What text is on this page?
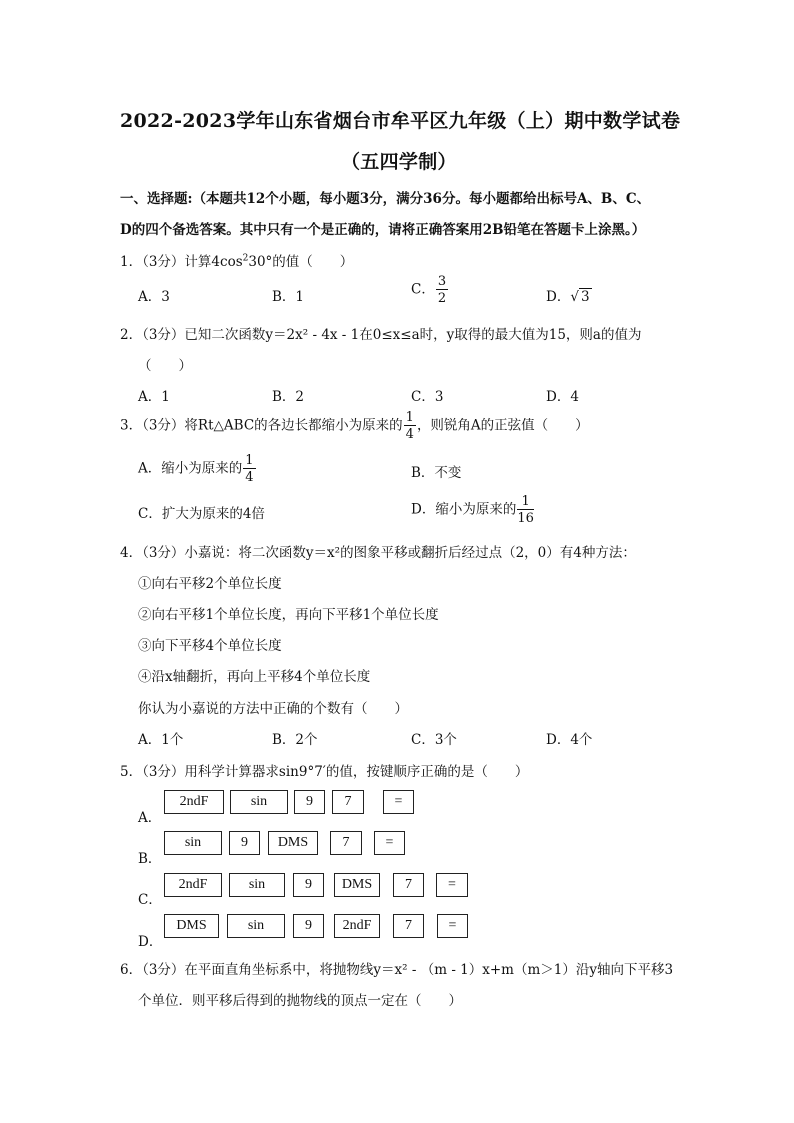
2022-2023学年山东省烟台市牟平区九年级（上）期中数学试卷
（五四学制）
一、选择题:（本题共12个小题，每小题3分，满分36分。每小题都给出标号A、B、C、
D的四个备选答案。其中只有一个是正确的，请将正确答案用2B铅笔在答题卡上涂黑。）
1．（3分）计算$4\cos^230^\circ$的值（　　）
A．3	B．1	C． $\frac{3}{2}$	D．√ 3
2．（3分）已知二次函数y＝2x² - 4x - 1在0≤x≤a时，y取得的最大值为15，则a的值为
（　　）
A．1	B．2	C．3	D．4
3．（3分）将Rt△ABC的各边长都缩小为原来的 $\frac{1}{4}$ ，则锐角A的正弦值（　　）
A．缩小为原来的 $\frac{1}{4}$	B．不变
C．扩大为原来的4倍	D．缩小为原来的 $\frac{1}{16}$
4．（3分）小嘉说：将二次函数y＝x²的图象平移或翻折后经过点（2，0）有4种方法：
①向右平移2个单位长度
②向右平移1个单位长度，再向下平移1个单位长度
③向下平移4个单位长度
④沿x轴翻折，再向上平移4个单位长度
你认为小嘉说的方法中正确的个数有（　　）
A．1个	B．2个	C．3个	D．4个
5．（3分）用科学计算器求sin9°7′的值，按键顺序正确的是（　　）
A．
2ndF	sin	9	7	=
B．
sin	9	DMS	7	=
C．
2ndF	sin	9	DMS	7	=
D．
DMS	sin	9	2ndF	7	=
6．（3分）在平面直角坐标系中，将抛物线y＝x² - （m - 1）x+m（m＞1）沿y轴向下平移3
个单位．则平移后得到的抛物线的顶点一定在（　　）
